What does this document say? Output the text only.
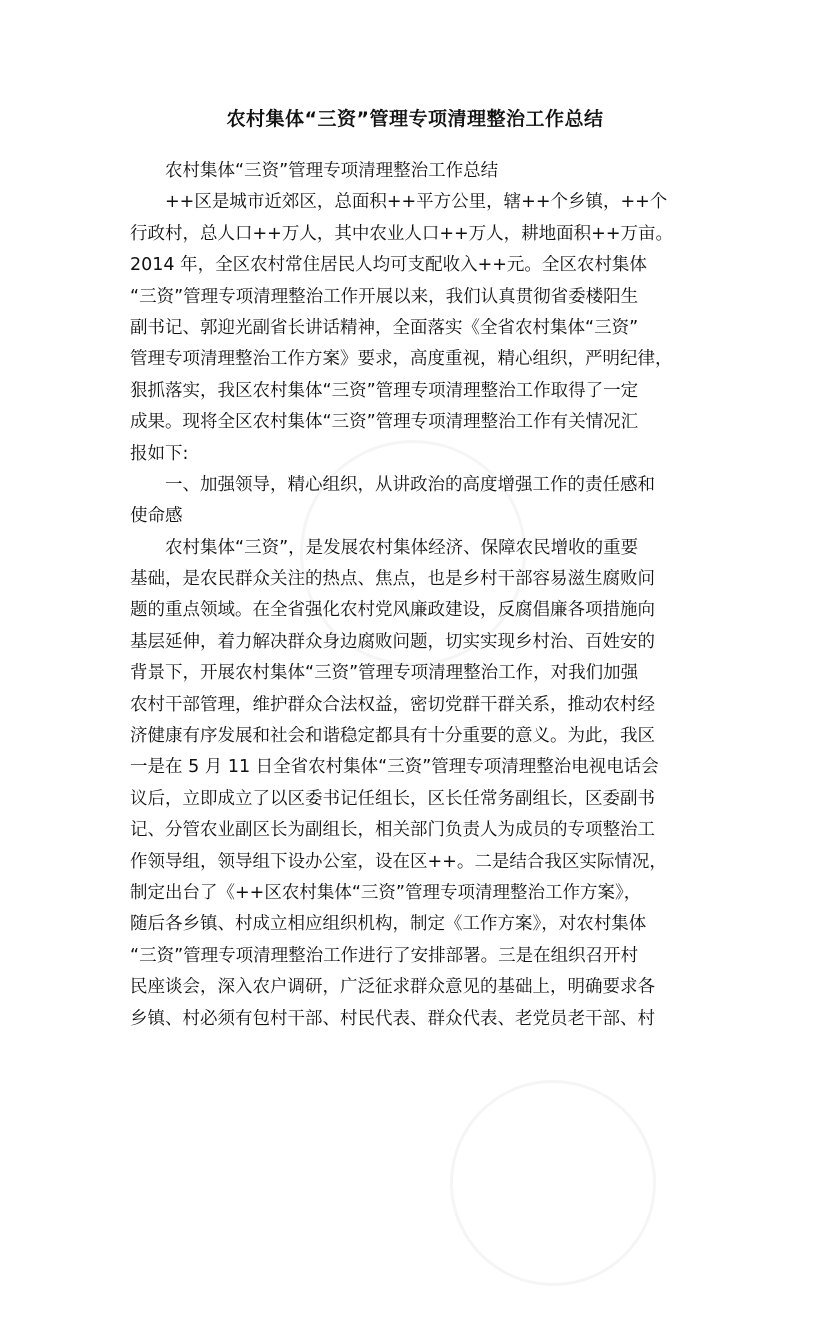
农村集体“三资”管理专项清理整治工作总结
农村集体“三资”管理专项清理整治工作总结
++区是城市近郊区，总面积++平方公里，辖++个乡镇，++个
行政村，总人口++万人，其中农业人口++万人，耕地面积++万亩。
2014 年，全区农村常住居民人均可支配收入++元。全区农村集体
“三资”管理专项清理整治工作开展以来，我们认真贯彻省委楼阳生
副书记、郭迎光副省长讲话精神，全面落实《全省农村集体“三资”
管理专项清理整治工作方案》要求，高度重视，精心组织，严明纪律，
狠抓落实，我区农村集体“三资”管理专项清理整治工作取得了一定
成果。现将全区农村集体“三资”管理专项清理整治工作有关情况汇
报如下:
一、加强领导，精心组织，从讲政治的高度增强工作的责任感和
使命感
农村集体“三资”，是发展农村集体经济、保障农民增收的重要
基础，是农民群众关注的热点、焦点，也是乡村干部容易滋生腐败问
题的重点领域。在全省强化农村党风廉政建设，反腐倡廉各项措施向
基层延伸，着力解决群众身边腐败问题，切实实现乡村治、百姓安的
背景下，开展农村集体“三资”管理专项清理整治工作，对我们加强
农村干部管理，维护群众合法权益，密切党群干群关系，推动农村经
济健康有序发展和社会和谐稳定都具有十分重要的意义。为此，我区
一是在 5 月 11 日全省农村集体“三资”管理专项清理整治电视电话会
议后，立即成立了以区委书记任组长，区长任常务副组长，区委副书
记、分管农业副区长为副组长，相关部门负责人为成员的专项整治工
作领导组，领导组下设办公室，设在区++。二是结合我区实际情况，
制定出台了《++区农村集体“三资”管理专项清理整治工作方案》，
随后各乡镇、村成立相应组织机构，制定《工作方案》，对农村集体
“三资”管理专项清理整治工作进行了安排部署。三是在组织召开村
民座谈会，深入农户调研，广泛征求群众意见的基础上，明确要求各
乡镇、村必须有包村干部、村民代表、群众代表、老党员老干部、村
